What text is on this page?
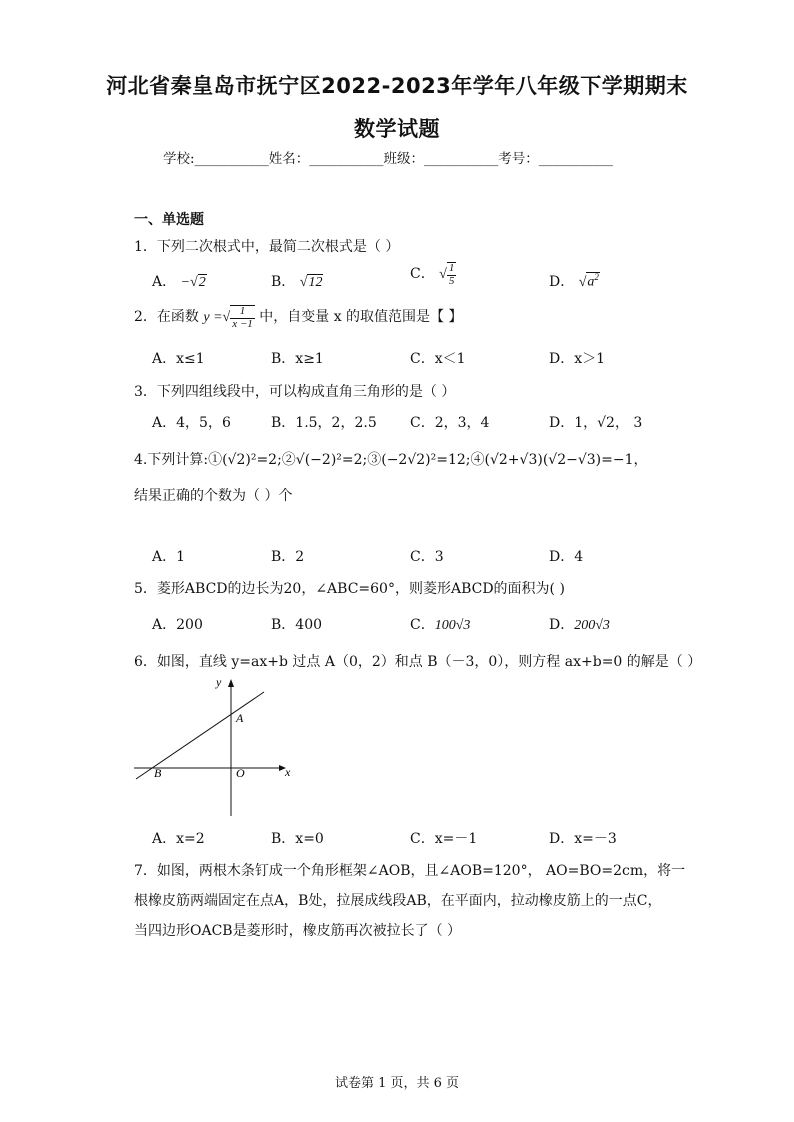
河北省秦皇岛市抚宁区2022-2023年学年八年级下学期期末
数学试题
学校:___________姓名：___________班级：___________考号：___________
一、单选题
1．下列二次根式中，最简二次根式是（ ）
A． −√2	B． √12
C． √ $\frac{1}{5}$	D． $√a^2$
2．在函数 y =√ $\frac{1}{x -1}$ 中，自变量 x 的取值范围是【 】
A．x≤1	B．x≥1	C．x＜1	D．x＞1
3．下列四组线段中，可以构成直角三角形的是（ ）
A．4，5，6	B．1.5，2，2.5 C．2，3，4	D．1，√2， 3
4.下列计算:①(√2)²=2;②√(−2)²=2;③(−2√2)²=12;④(√2+√3)(√2−√3)=−1，
结果正确的个数为（ ）个
A．1	B．2	C．3	D．4
5．菱形ABCD的边长为20，∠ABC=60°，则菱形ABCD的面积为( )
A．200	B．400	C．100√3	D．200√3
6．如图，直线 y=ax+b 过点 A（0，2）和点 B（－3，0），则方程 ax+b=0 的解是（ ）
y
x
A
B	O
A．x=2	B．x=0	C．x=－1	D．x=－3
7．如图，两根木条钉成一个角形框架∠AOB，且∠AOB=120°， AO=BO=2cm，将一
根橡皮筋两端固定在点A，B处，拉展成线段AB，在平面内，拉动橡皮筋上的一点C，
当四边形OACB是菱形时，橡皮筋再次被拉长了（ ）
试卷第 1 页，共 6 页
